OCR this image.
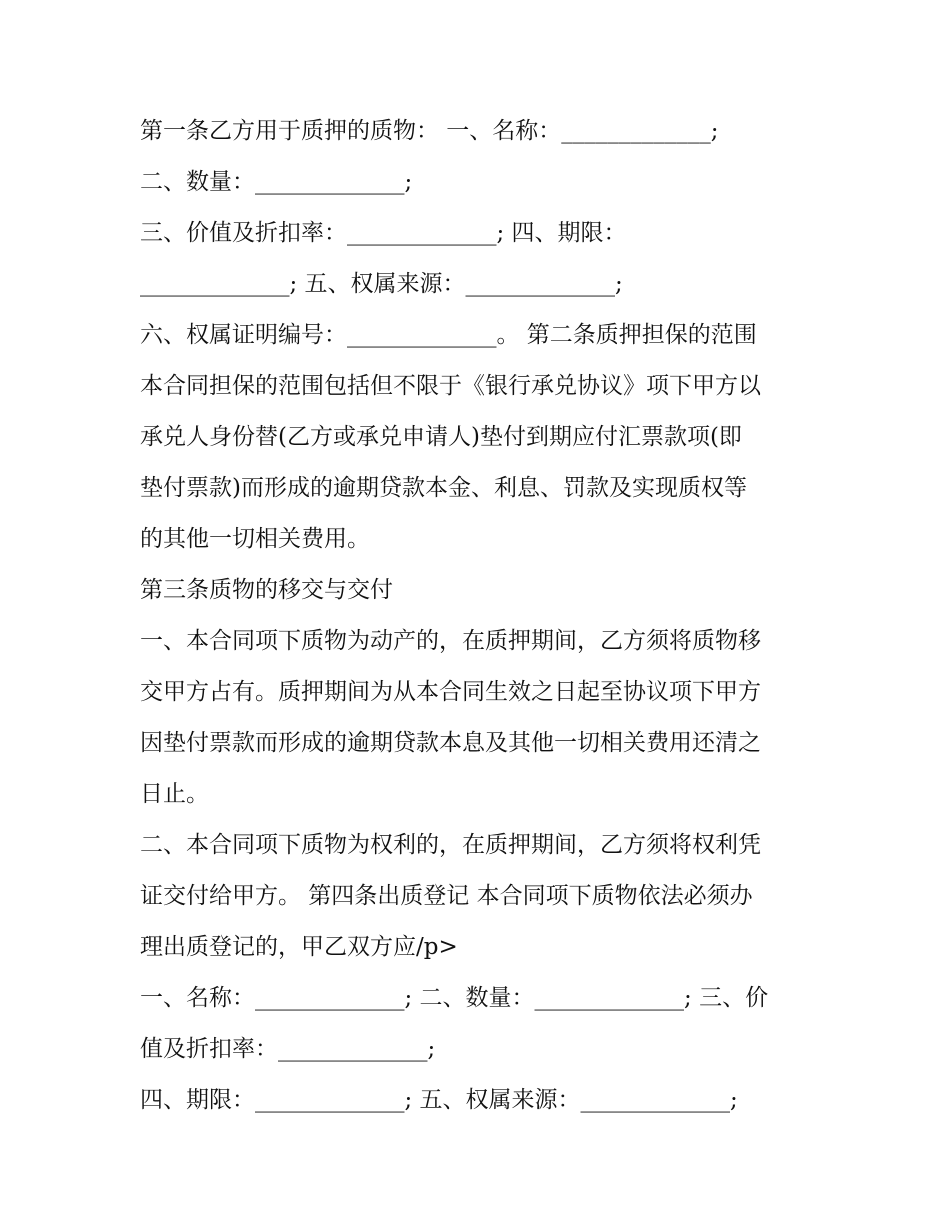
第一条乙方用于质押的质物： 一、名称：_____________;
二、数量：_____________;
三、价值及折扣率：_____________; 四、期限：
_____________; 五、权属来源：_____________;
六、权属证明编号：_____________。 第二条质押担保的范围
本合同担保的范围包括但不限于《银行承兑协议》项下甲方以
承兑人身份替(乙方或承兑申请人)垫付到期应付汇票款项(即
垫付票款)而形成的逾期贷款本金、利息、罚款及实现质权等
的其他一切相关费用。
第三条质物的移交与交付
一、本合同项下质物为动产的，在质押期间，乙方须将质物移
交甲方占有。质押期间为从本合同生效之日起至协议项下甲方
因垫付票款而形成的逾期贷款本息及其他一切相关费用还清之
日止。
二、本合同项下质物为权利的，在质押期间，乙方须将权利凭
证交付给甲方。 第四条出质登记 本合同项下质物依法必须办
理出质登记的，甲乙双方应/p>
一、名称：_____________; 二、数量：_____________; 三、价
值及折扣率：_____________;
四、期限：_____________; 五、权属来源：_____________;
